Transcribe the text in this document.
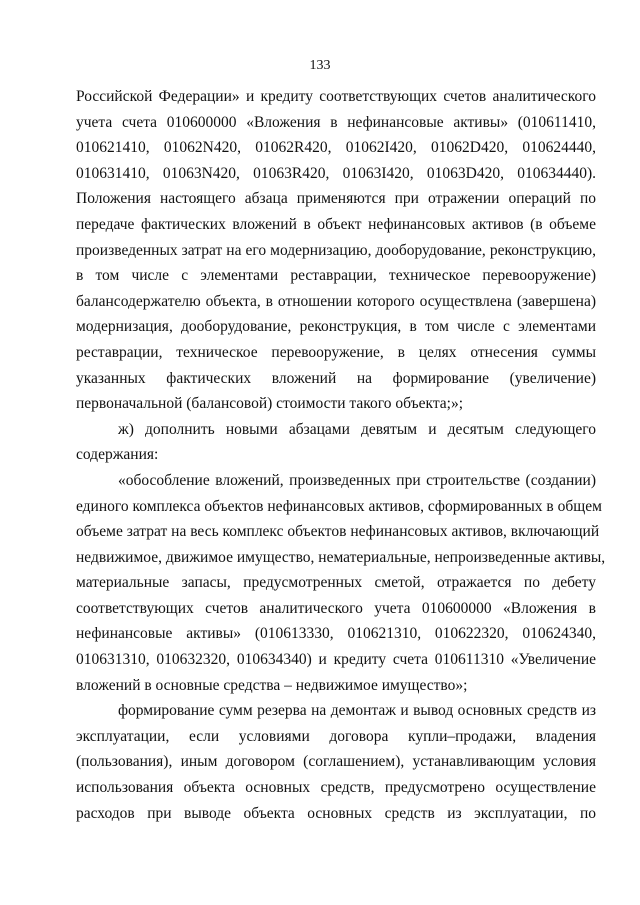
133
Российской Федерации» и кредиту соответствующих счетов аналитического
учета счета 010600000 «Вложения в нефинансовые активы» (010611410,
010621410, 01062N420, 01062R420, 01062I420, 01062D420, 010624440,
010631410, 01063N420, 01063R420, 01063I420, 01063D420, 010634440).
Положения настоящего абзаца применяются при отражении операций по
передаче фактических вложений в объект нефинансовых активов (в объеме
произведенных затрат на его модернизацию, дооборудование, реконструкцию,
в том числе с элементами реставрации, техническое перевооружение)
балансодержателю объекта, в отношении которого осуществлена (завершена)
модернизация, дооборудование, реконструкция, в том числе с элементами
реставрации, техническое перевооружение, в целях отнесения суммы
указанных фактических вложений на формирование (увеличение)
первоначальной (балансовой) стоимости такого объекта;»;
ж) дополнить новыми абзацами девятым и десятым следующего
содержания:
«обособление вложений, произведенных при строительстве (создании)
единого комплекса объектов нефинансовых активов, сформированных в общем
объеме затрат на весь комплекс объектов нефинансовых активов, включающий
недвижимое, движимое имущество, нематериальные, непроизведенные активы,
материальные запасы, предусмотренных сметой, отражается по дебету
соответствующих счетов аналитического учета 010600000 «Вложения в
нефинансовые активы» (010613330, 010621310, 010622320, 010624340,
010631310, 010632320, 010634340) и кредиту счета 010611310 «Увеличение
вложений в основные средства – недвижимое имущество»;
формирование сумм резерва на демонтаж и вывод основных средств из
эксплуатации, если условиями договора купли–продажи, владения
(пользования), иным договором (соглашением), устанавливающим условия
использования объекта основных средств, предусмотрено осуществление
расходов при выводе объекта основных средств из эксплуатации, по
